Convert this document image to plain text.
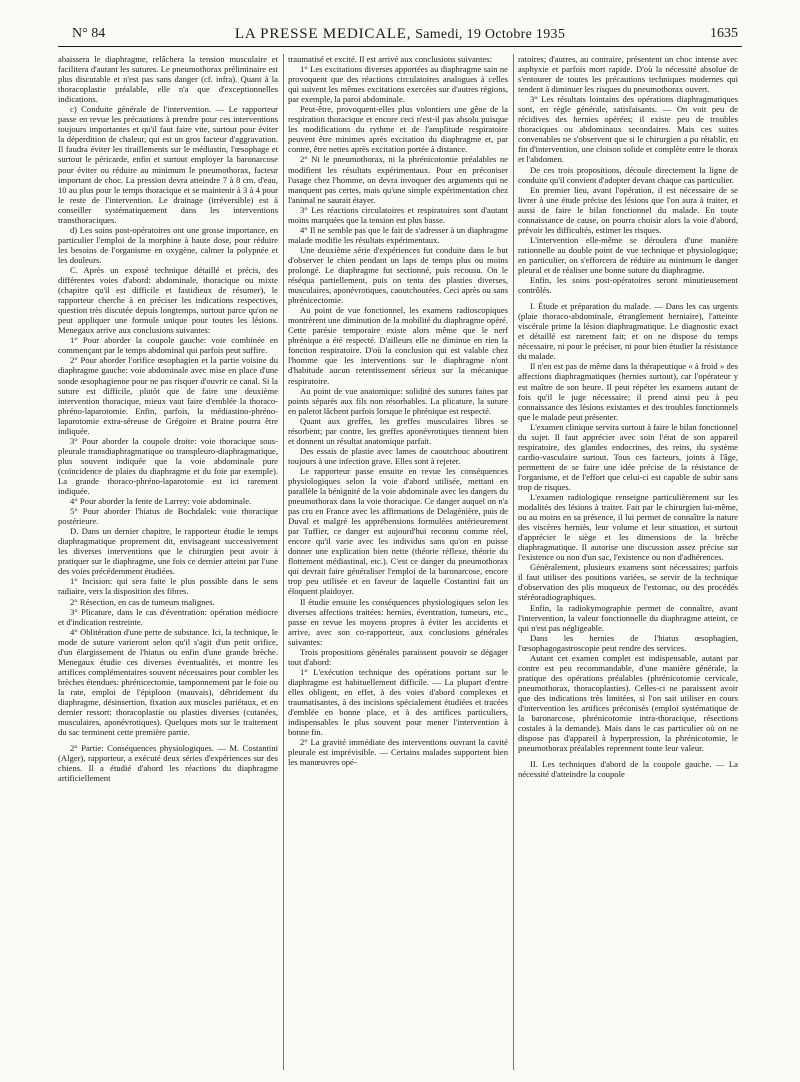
N° 84	LA PRESSE MEDICALE, Samedi, 19 Octobre 1935	1635

abaissera le diaphragme, relâchera la tension musculaire et facilitera d'autant les sutures. Le pneumothorax préliminaire est plus discutable et n'est pas sans danger (cf. infra). Quant à la thoracoplastie préalable, elle n'a que d'exceptionnelles indications.

c) Conduite générale de l'intervention. — Le rapporteur passe en revue les précautions à prendre pour ces interventions toujours importantes et qu'il faut faire vite, surtout pour éviter la déperdition de chaleur, qui est un gros facteur d'aggravation. Il faudra éviter les tiraillements sur le médiastin, l'œsophage et surtout le péricarde, enfin et surtout employer la baronarcose pour éviter ou réduire au minimum le pneumothorax, facteur important de choc. La pression devra atteindre 7 à 8 cm. d'eau, 10 au plus pour le temps thoracique et se maintenir à 3 à 4 pour le reste de l'intervention. Le drainage (irréversible) est à conseiller systématiquement dans les interventions transthoraciques.

d) Les soins post-opératoires ont une grosse importance, en particulier l'emploi de la morphine à haute dose, pour réduire les besoins de l'organisme en oxygène, calmer la polypnée et les douleurs.

C. Après un exposé technique détaillé et précis, des différentes voies d'abord: abdominale, thoracique ou mixte (chapitre qu'il est difficile et fastidieux de résumer), le rapporteur cherche à en préciser les indications respectives, question très discutée depuis longtemps, surtout parce qu'on ne peut appliquer une formule unique pour toutes les lésions. Menegaux arrive aux conclusions suivantes:

1° Pour aborder la coupole gauche: voie combinée en commençant par le temps abdominal qui parfois peut suffire.

2° Pour aborder l'orifice œsophagien et la partie voisine du diaphragme gauche: voie abdominale avec mise en place d'une sonde œsophagienne pour ne pas risquer d'ouvrir ce canal. Si la suture est difficile, plutôt que de faire une deuxième intervention thoracique, mieux vaut faire d'emblée la thoraco-phréno-laparotomie. Enfin, parfois, la médiastino-phréno-laparotomie extra-séreuse de Grégoire et Braine pourra être indiquée.

3° Pour aborder la coupole droite: voie thoracique sous-pleurale transdiaphragmatique ou transpleuro-diaphragmatique, plus souvent indiquée que la voie abdominale pure (coïncidence de plaies du diaphragme et du foie par exemple). La grande thoraco-phréno-laparotomie est ici rarement indiquée.

4° Pour aborder la fente de Larrey: voie abdominale.

5° Pour aborder l'hiatus de Bochdalek: voie thoracique postérieure.

D. Dans un dernier chapitre, le rapporteur étudie le temps diaphragmatique proprement dit, envisageant successivement les diverses interventions que le chirurgien peut avoir à pratiquer sur le diaphragme, une fois ce dernier atteint par l'une des voies précédemment étudiées.

1° Incision: qui sera faite le plus possible dans le sens radiaire, vers la disposition des fibres.

2° Résection, en cas de tumeurs malignes.

3° Plicature, dans le cas d'éventration: opération médiocre et d'indication restreinte.

4° Oblitération d'une perte de substance. Ici, la technique, le mode de suture varieront selon qu'il s'agit d'un petit orifice, d'un élargissement de l'hiatus ou enfin d'une grande brèche. Menegaux étudie ces diverses éventualités, et montre les artifices complémentaires souvent nécessaires pour combler les brèches étendues: phrénicectomie, tamponnement par le foie ou la rate, emploi de l'épiploon (mauvais), débridement du diaphragme, désinsertion, fixation aux muscles pariétaux, et en dernier ressort: thoracoplastie ou plasties diverses (cutanées, musculaires, aponévrotiques). Quelques mots sur le traitement du sac terminent cette première partie.

2° Partie: Conséquences physiologiques. — M. Costantini (Alger), rapporteur, a exécuté deux séries d'expériences sur des chiens. Il a étudié d'abord les réactions du diaphragme artificiellement

traumatisé et excité. Il est arrivé aux conclusions suivantes:

1° Les excitations diverses apportées au diaphragme sain ne provoquent que des réactions circulatoires analogues à celles qui suivent les mêmes excitations exercées sur d'autres régions, par exemple, la paroi abdominale.

Peut-être, provoquent-elles plus volontiers une gêne de la respiration thoracique et encore ceci n'est-il pas absolu puisque les modifications du rythme et de l'amplitude respiratoire peuvent être minimes après excitation du diaphragme et, par contre, être nettes après excitation portée à distance.

2° Ni le pneumothorax, ni la phrénicotomie préalables ne modifient les résultats expérimentaux. Pour en préconiser l'usage chez l'homme, on devra invoquer des arguments qui ne manquent pas certes, mais qu'une simple expérimentation chez l'animal ne saurait étayer.

3° Les réactions circulatoires et respiratoires sont d'autant moins marquées que la tension est plus basse.

4° Il ne semble pas que le fait de s'adresser à un diaphragme malade modifie les résultats expérimentaux.

Une deuxième série d'expériences fut conduite dans le but d'observer le chien pendant un laps de temps plus ou moins prolongé. Le diaphragme fut sectionné, puis recousu. On le réséqua partiellement, puis on tenta des plasties diverses, musculaires, aponévrotiques, caoutchoutées. Ceci après ou sans phrénicectomie.

Au point de vue fonctionnel, les examens radioscopiques montrèrent une diminution de la mobilité du diaphragme opéré. Cette parésie temporaire existe alors même que le nerf phrénique a été respecté. D'ailleurs elle ne diminue en rien la fonction respiratoire. D'où la conclusion qui est valable chez l'homme que les interventions sur le diaphragme n'ont d'habitude aucun retentissement sérieux sur la mécanique respiratoire.

Au point de vue anatomique: solidité des sutures faites par points séparés aux fils non résorbables. La plicature, la suture en paletot lâchent parfois lorsque le phrénique est respecté.

Quant aux greffes, les greffes musculaires libres se résorbent; par contre, les greffes aponévrotiques tiennent bien et donnent un résultat anatomique parfait.

Des essais de plastie avec lames de caoutchouc aboutirent toujours à une infection grave. Elles sont à rejeter.

Le rapporteur passe ensuite en revue les conséquences physiologiques selon la voie d'abord utilisée, mettant en parallèle la bénignité de la voie abdominale avec les dangers du pneumothorax dans la voie thoracique. Ce danger auquel on n'a pas cru en France avec les affirmations de Delagénière, puis de Duval et malgré les appréhensions formulées antérieurement par Tuffier, ce danger est aujourd'hui reconnu comme réel, encore qu'il varie avec les individus sans qu'on en puisse donner une explication bien nette (théorie réflexe, théorie du flottement médiastinal, etc.). C'est ce danger du pneumothorax qui devrait faire généraliser l'emploi de la baronarcose, encore trop peu utilisée et en faveur de laquelle Costantini fait un éloquent plaidoyer.

Il étudie ensuite les conséquences physiologiques selon les diverses affections traitées: hernies, éventration, tumeurs, etc., passe en revue les moyens propres à éviter les accidents et arrive, avec son co-rapporteur, aux conclusions générales suivantes:

Trois propositions générales paraissent pouvoir se dégager tout d'abord:

1° L'exécution technique des opérations portant sur le diaphragme est habituellement difficile. — La plupart d'entre elles obligent, en effet, à des voies d'abord complexes et traumatisantes, à des incisions spécialement étudiées et tracées d'emblée en bonne place, et à des artifices particuliers, indispensables le plus souvent pour mener l'intervention à bonne fin.

2° La gravité immédiate des interventions ouvrant la cavité pleurale est imprévisible. — Certains malades supportent bien les manœuvres opé-

ratoires; d'autres, au contraire, présentent un choc intense avec asphyxie et parfois mort rapide. D'où la nécessité absolue de s'entourer de toutes les précautions techniques modernes qui tendent à diminuer les risques du pneumothorax ouvert.

3° Les résultats lointains des opérations diaphragmatiques sont, en règle générale, satisfaisants. — On voit peu de récidives des hernies opérées; il existe peu de troubles thoraciques ou abdominaux secondaires. Mais ces suites convenables ne s'observent que si le chirurgien a pu rétablir, en fin d'intervention, une cloison solide et complète entre le thorax et l'abdomen.

De ces trois propositions, découle directement la ligne de conduite qu'il convient d'adopter devant chaque cas particulier.

En premier lieu, avant l'opération, il est nécessaire de se livrer à une étude précise des lésions que l'on aura à traiter, et aussi de faire le bilan fonctionnel du malade. En toute connaissance de cause, on pourra choisir alors la voie d'abord, prévoir les difficultés, estimer les risques.

L'intervention elle-même se déroulera d'une manière rationnelle au double point de vue technique et physiologique; en particulier, on s'efforcera de réduire au minimum le danger pleural et de réaliser une bonne suture du diaphragme.

Enfin, les soins post-opératoires seront minutieusement contrôlés.

I. Étude et préparation du malade. — Dans les cas urgents (plaie thoraco-abdominale, étranglement herniaire), l'atteinte viscérale prime la lésion diaphragmatique. Le diagnostic exact et détaillé est rarement fait; et on ne dispose du temps nécessaire, ni pour le préciser, ni pour bien étudier la résistance du malade.

Il n'en est pas de même dans la thérapeutique « à froid » des affections diaphragmatiques (hernies surtout), car l'opérateur y est maître de son heure. Il peut répéter les examens autant de fois qu'il le juge nécessaire; il prend ainsi peu à peu connaissance des lésions existantes et des troubles fonctionnels que le malade peut présenter.

L'examen clinique servira surtout à faire le bilan fonctionnel du sujet. Il faut apprécier avec soin l'état de son appareil respiratoire, des glandes endocrines, des reins, du système cardio-vasculaire surtout. Tous ces facteurs, joints à l'âge, permettent de se faire une idée précise de la résistance de l'organisme, et de l'effort que celui-ci est capable de subir sans trop de risques.

L'examen radiologique renseigne particulièrement sur les modalités des lésions à traiter. Fait par le chirurgien lui-même, ou au moins en sa présence, il lui permet de connaître la nature des viscères herniés, leur volume et leur situation, et surtout d'apprécier le siège et les dimensions de la brèche diaphragmatique. Il autorise une discussion assez précise sur l'existence ou non d'un sac, l'existence ou non d'adhérences.

Généralement, plusieurs examens sont nécessaires; parfois il faut utiliser des positions variées, se servir de la technique d'observation des plis muqueux de l'estomac, ou des procédés stéréoradiographiques.

Enfin, la radiokymographie permet de connaître, avant l'intervention, la valeur fonctionnelle du diaphragme atteint, ce qui n'est pas négligeable.

Dans les hernies de l'hiatus œsophagien, l'œsophagogastroscopie peut rendre des services.

Autant cet examen complet est indispensable, autant par contre est peu recommandable, d'une manière générale, la pratique des opérations préalables (phrénicotomie cervicale, pneumothorax, thoracoplasties). Celles-ci ne paraissent avoir que des indications très limitées, si l'on sait utiliser en cours d'intervention les artifices préconisés (emploi systématique de la baronarcose, phrénicotomie intra-thoracique, résections costales à la demande). Mais dans le cas particulier où on ne dispose pas d'appareil à hyperpression, la phrénicotomie, le pneumothorax préalables reprennent toute leur valeur.

II. Les techniques d'abord de la coupole gauche. — La nécessité d'atteindre la coupole
